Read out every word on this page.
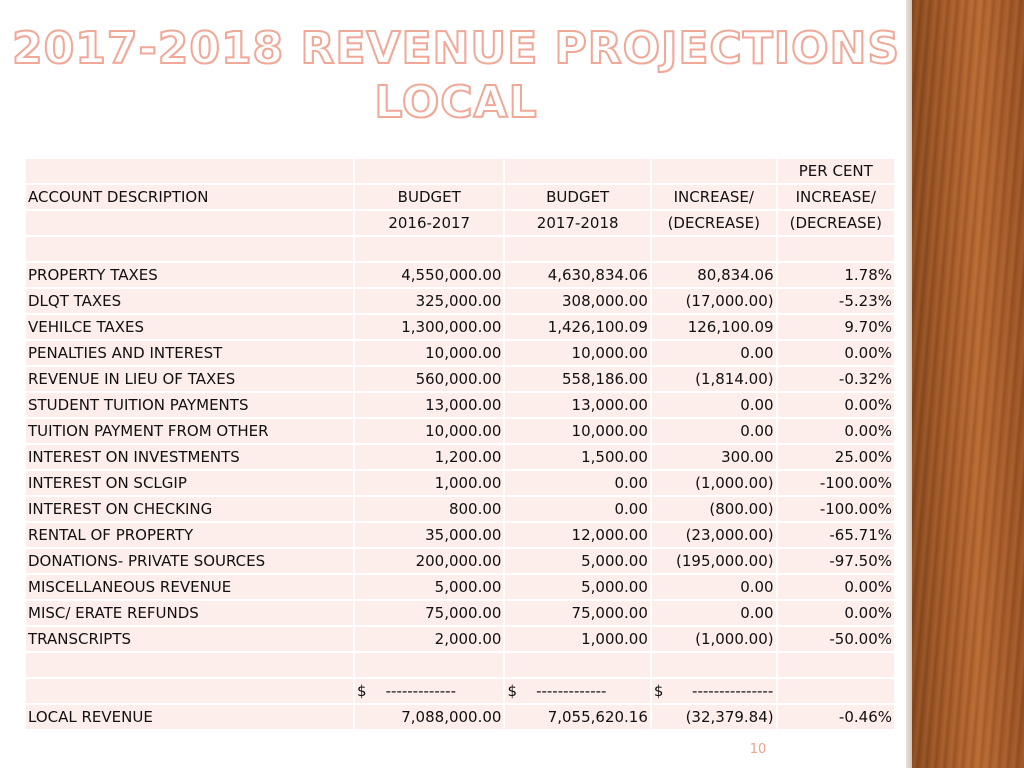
2017-2018 REVENUE PROJECTIONS
LOCAL
				PER CENT
ACCOUNT DESCRIPTION	BUDGET	BUDGET	INCREASE/	INCREASE/
	2016-2017	2017-2018	(DECREASE)	(DECREASE)

PROPERTY TAXES	4,550,000.00	4,630,834.06	80,834.06	1.78%
DLQT TAXES	325,000.00	308,000.00	(17,000.00)	-5.23%
VEHILCE TAXES	1,300,000.00	1,426,100.09	126,100.09	9.70%
PENALTIES AND INTEREST	10,000.00	10,000.00	0.00	0.00%
REVENUE IN LIEU OF TAXES	560,000.00	558,186.00	(1,814.00)	-0.32%
STUDENT TUITION PAYMENTS	13,000.00	13,000.00	0.00	0.00%
TUITION PAYMENT FROM OTHER	10,000.00	10,000.00	0.00	0.00%
INTEREST ON INVESTMENTS	1,200.00	1,500.00	300.00	25.00%
INTEREST ON SCLGIP	1,000.00	0.00	(1,000.00)	-100.00%
INTEREST ON CHECKING	800.00	0.00	(800.00)	-100.00%
RENTAL OF PROPERTY	35,000.00	12,000.00	(23,000.00)	-65.71%
DONATIONS- PRIVATE SOURCES	200,000.00	5,000.00	(195,000.00)	-97.50%
MISCELLANEOUS REVENUE	5,000.00	5,000.00	0.00	0.00%
MISC/ ERATE REFUNDS	75,000.00	75,000.00	0.00	0.00%
TRANSCRIPTS	2,000.00	1,000.00	(1,000.00)	-50.00%

	$    -------------	$    -------------	$      ---------------	
LOCAL REVENUE	7,088,000.00	7,055,620.16	(32,379.84)	-0.46%
10
